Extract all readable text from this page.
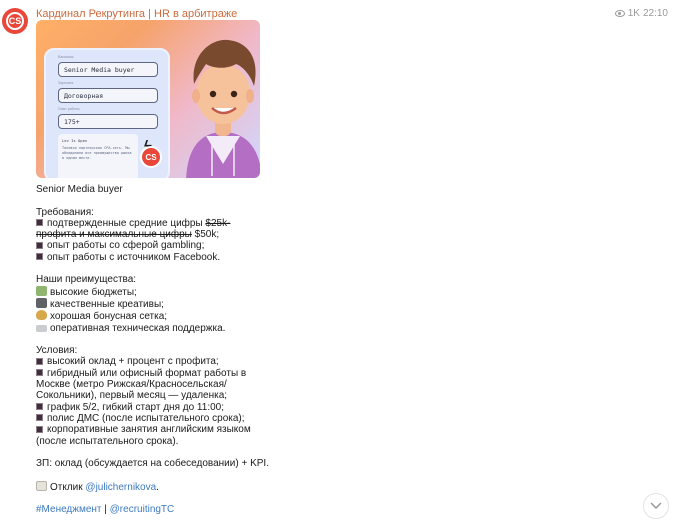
CS
Кардинал Рекрутинга | HR в арбитраже	1K 22:10
Вакансия
Senior Media buyer
Зарплата
Договорная
Опыт работы
175+
Lev Is Open
Топовая партнерская CPA-сеть. Мы объединили все преимущества рынка в одном месте.	CS
Senior Media buyer
Требования:
подтвержденные средние цифры $25k-
профита и максимальные цифры $50k;
опыт работы со сферой gambling;
опыт работы с источником Facebook.
Наши преимущества:
высокие бюджеты;
качественные креативы;
хорошая бонусная сетка;
оперативная техническая поддержка.
Условия:
высокий оклад + процент с профита;
гибридный или офисный формат работы в
Москве (метро Рижская/Красносельская/
Сокольники), первый месяц — удаленка;
график 5/2, гибкий старт дня до 11:00;
полис ДМС (после испытательного срока);
корпоративные занятия английским языком
(после испытательного срока).
ЗП: оклад (обсуждается на собеседовании) + KPI.
Отклик @julichernikova.
#Менеджмент | @recruitingTC
